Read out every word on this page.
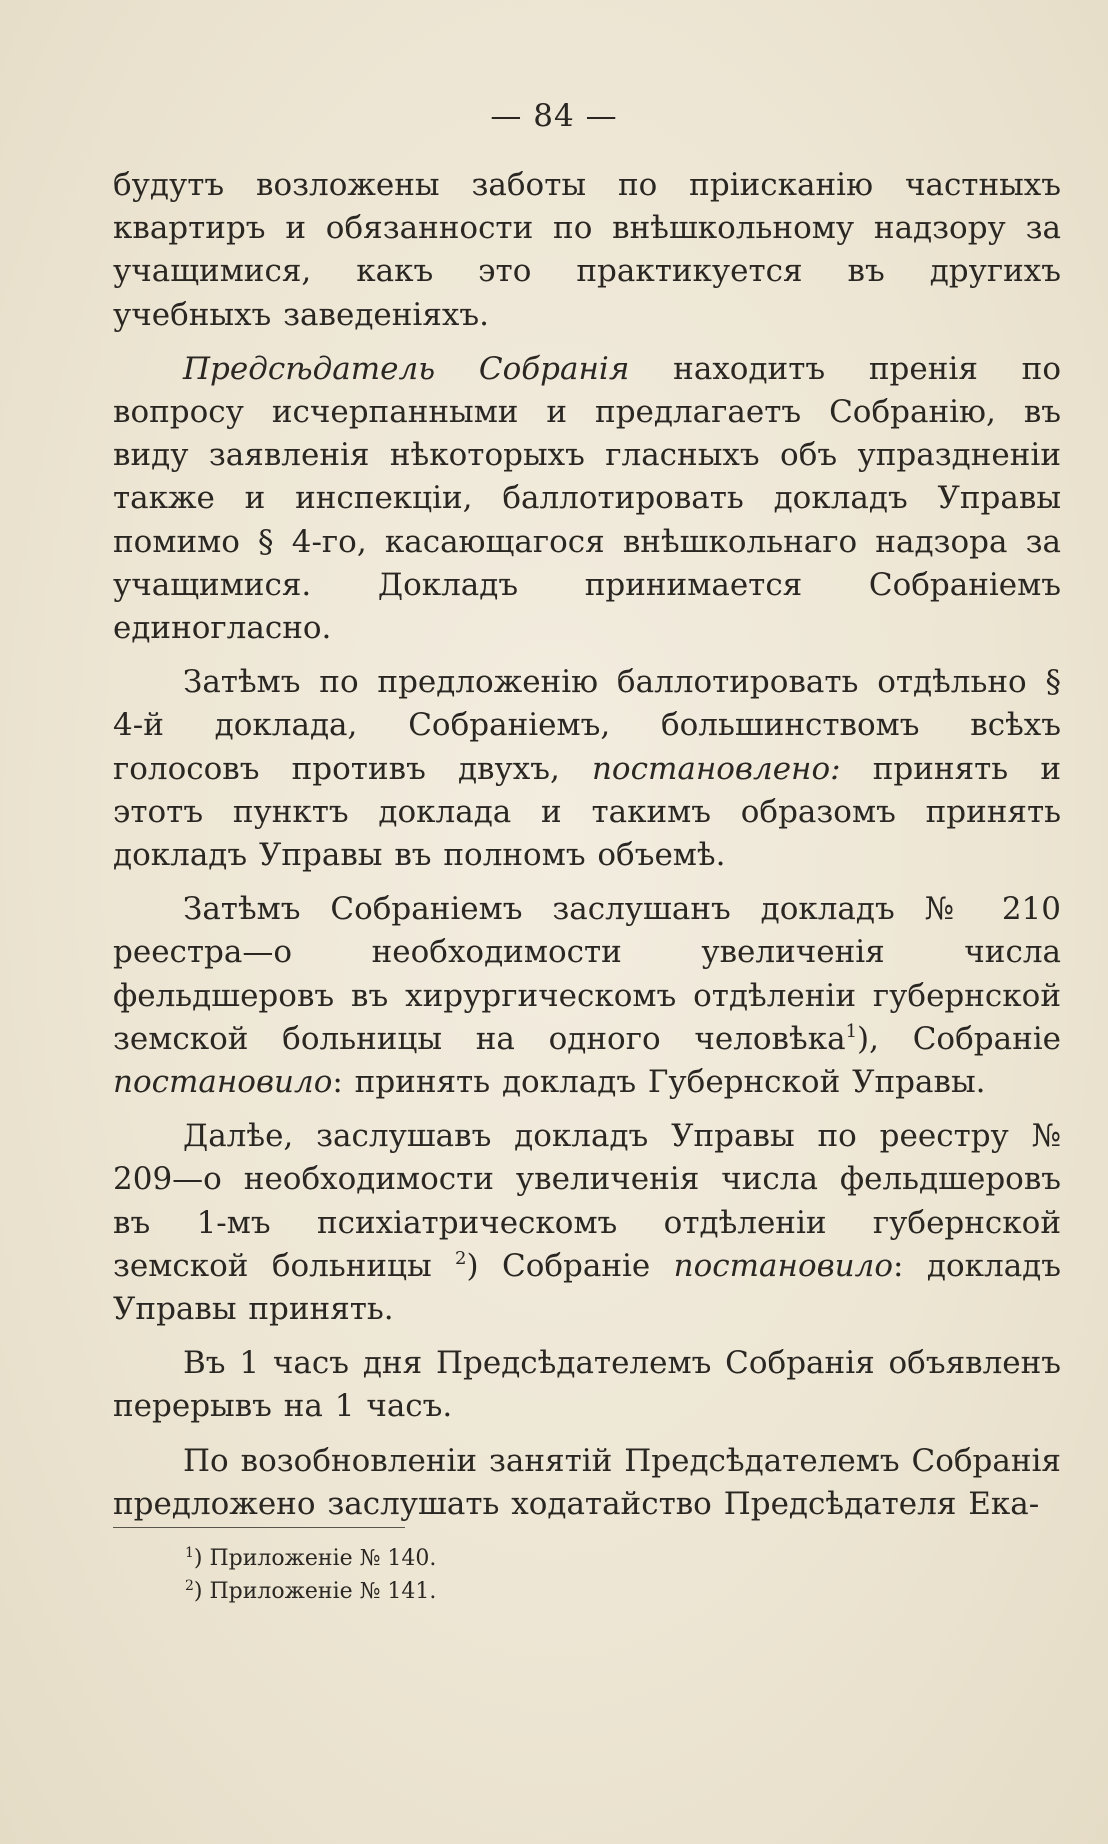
— 84 —

будутъ возложены заботы по прiисканiю частныхъ квартиръ и обязанности по внѣшкольному надзору за учащимися, какъ это практикуется въ другихъ учебныхъ заведенiяхъ.

Предсѣдатель Собранiя находитъ пренiя по вопросу исчерпанными и предлагаетъ Собранiю, въ виду заявленiя нѣкоторыхъ гласныхъ объ упраздненiи также и инспекцiи, баллотировать докладъ Управы помимо § 4-го, касающагося внѣшкольнаго надзора за учащимися. Докладъ принимается Собранiемъ единогласно.

Затѣмъ по предложенiю баллотировать отдѣльно § 4-й доклада, Собранiемъ, большинствомъ всѣхъ голосовъ противъ двухъ, постановлено: принять и этотъ пунктъ доклада и такимъ образомъ принять докладъ Управы въ полномъ объемѣ.

Затѣмъ Собранiемъ заслушанъ докладъ № 210 реестра—о необходимости увеличенiя числа фельдшеровъ въ хирургическомъ отдѣленiи губернской земской больницы на одного человѣка$^1$), Собранiе постановило: принять докладъ Губернской Управы.

Далѣе, заслушавъ докладъ Управы по реестру № 209—о необходимости увеличенiя числа фельдшеровъ въ 1-мъ психiатрическомъ отдѣленiи губернской земской больницы $^2$) Собранiе постановило: докладъ Управы принять.

Въ 1 часъ дня Предсѣдателемъ Собранiя объявленъ перерывъ на 1 часъ.

По возобновленiи занятiй Предсѣдателемъ Собранiя предложено заслушать ходатайство Предсѣдателя Ека-

$^1$) Приложенiе № 140.

$^2$) Приложенiе № 141.
